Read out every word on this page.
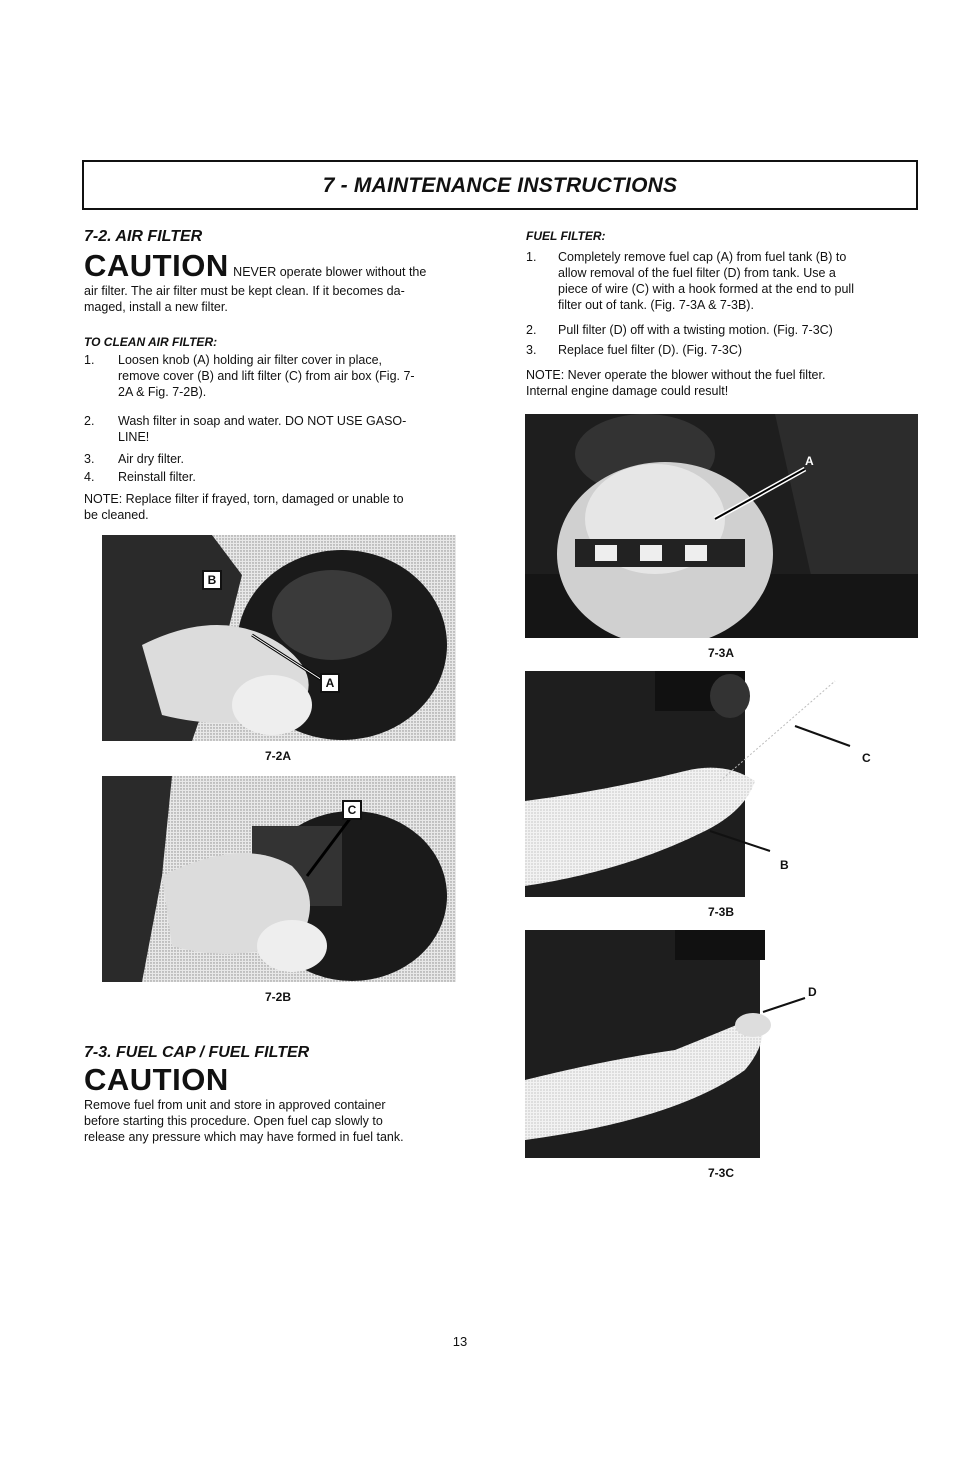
7 - MAINTENANCE INSTRUCTIONS
7-2. AIR FILTER
CAUTION NEVER operate blower without the
air filter. The air filter must be kept clean. If it becomes da-
maged, install a new filter.
TO CLEAN AIR FILTER:
1. Loosen knob (A) holding air filter cover in place,
remove cover (B) and lift filter (C) from air box (Fig. 7-
2A & Fig. 7-2B).
2. Wash filter in soap and water. DO NOT USE GASO-
LINE!
3. Air dry filter.
4. Reinstall filter.
NOTE: Replace filter if frayed, torn, damaged or unable to
be cleaned.
B
A
7-2A
C
7-2B
7-3. FUEL CAP / FUEL FILTER
CAUTION
Remove fuel from unit and store in approved container
before starting this procedure. Open fuel cap slowly to
release any pressure which may have formed in fuel tank.
FUEL FILTER:
1. Completely remove fuel cap (A) from fuel tank (B) to
allow removal of the fuel filter (D) from tank. Use a
piece of wire (C) with a hook formed at the end to pull
filter out of tank. (Fig. 7-3A & 7-3B).
2. Pull filter (D) off with a twisting motion. (Fig. 7-3C)
3. Replace fuel filter (D). (Fig. 7-3C)
NOTE: Never operate the blower without the fuel filter.
Internal engine damage could result!
A
7-3A
C
B
7-3B
D
7-3C
13
